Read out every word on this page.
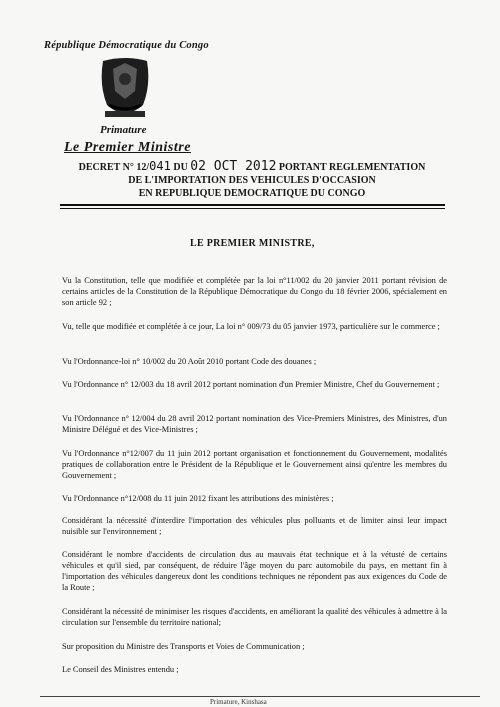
République Démocratique du Congo
Primature
Le Premier Ministre
DECRET N° 12/041 DU 02 OCT 2012 PORTANT REGLEMENTATION
DE L'IMPORTATION DES VEHICULES D'OCCASION
EN REPUBLIQUE DEMOCRATIQUE DU CONGO
LE PREMIER MINISTRE,
Vu la Constitution, telle que modifiée et complétée par la loi n°11/002 du 20 janvier 2011 portant révision de certains articles de la Constitution de la République Démocratique du Congo du 18 février 2006, spécialement en son article 92 ;
Vu, telle que modifiée et complétée à ce jour, La loi n° 009/73 du 05 janvier 1973, particulière sur le commerce ;
Vu l'Ordonnance-loi n° 10/002 du 20 Août 2010 portant Code des douanes ;
Vu l'Ordonnance n° 12/003 du 18 avril 2012 portant nomination d'un Premier Ministre, Chef du Gouvernement ;
Vu l'Ordonnance n° 12/004 du 28 avril 2012 portant nomination des Vice-Premiers Ministres, des Ministres, d'un Ministre Délégué et des Vice-Ministres ;
Vu l'Ordonnance n°12/007 du 11 juin 2012 portant organisation et fonctionnement du Gouvernement, modalités pratiques de collaboration entre le Président de la République et le Gouvernement ainsi qu'entre les membres du Gouvernement ;
Vu l'Ordonnance n°12/008 du 11 juin 2012 fixant les attributions des ministères ;
Considérant la nécessité d'interdire l'importation des véhicules plus polluants et de limiter ainsi leur impact nuisible sur l'environnement ;
Considérant le nombre d'accidents de circulation dus au mauvais état technique et à la vétusté de certains véhicules et qu'il sied, par conséquent, de réduire l'âge moyen du parc automobile du pays, en mettant fin à l'importation des véhicules dangereux dont les conditions techniques ne répondent pas aux exigences du Code de la Route ;
Considérant la nécessité de minimiser les risques d'accidents, en améliorant la qualité des véhicules à admettre à la circulation sur l'ensemble du territoire national;
Sur proposition du Ministre des Transports et Voies de Communication ;
Le Conseil des Ministres entendu ;
Primature, Kinshasa
